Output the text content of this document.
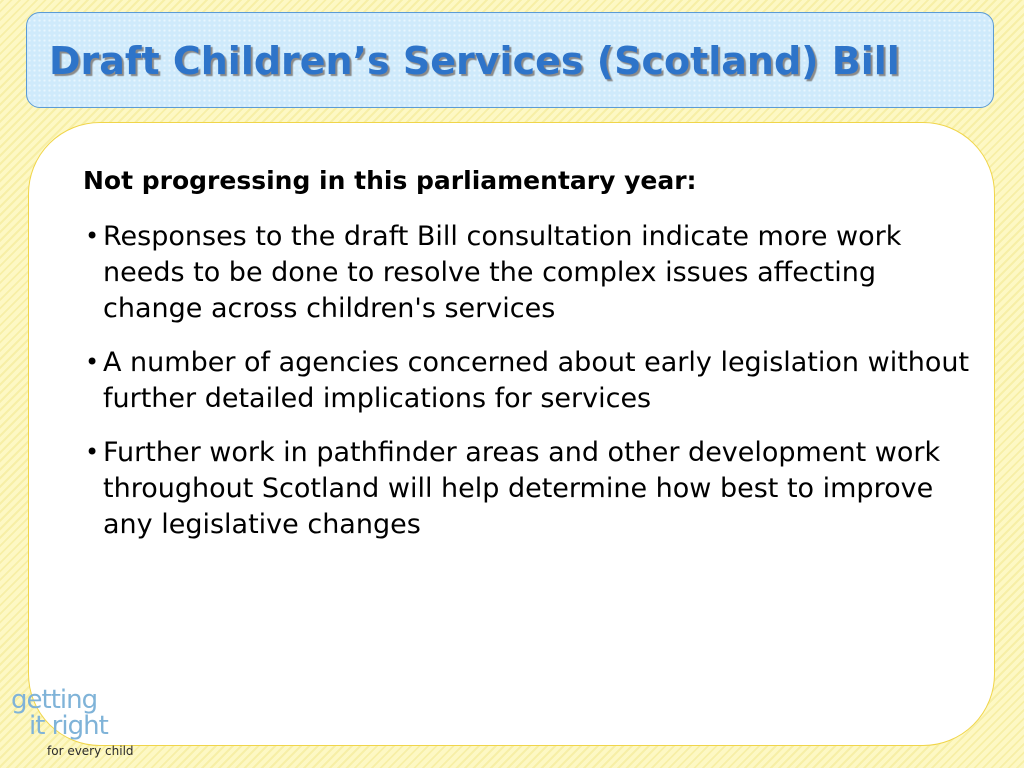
Draft Children’s Services (Scotland) Bill
Not progressing in this parliamentary year:
• Responses to the draft Bill consultation indicate more work needs to be done to resolve the complex issues affecting change across children's services
• A number of agencies concerned about early legislation without further detailed implications for services
• Further work in pathfinder areas and other development work throughout Scotland will help determine how best to improve any legislative changes
getting
it right
for every child
